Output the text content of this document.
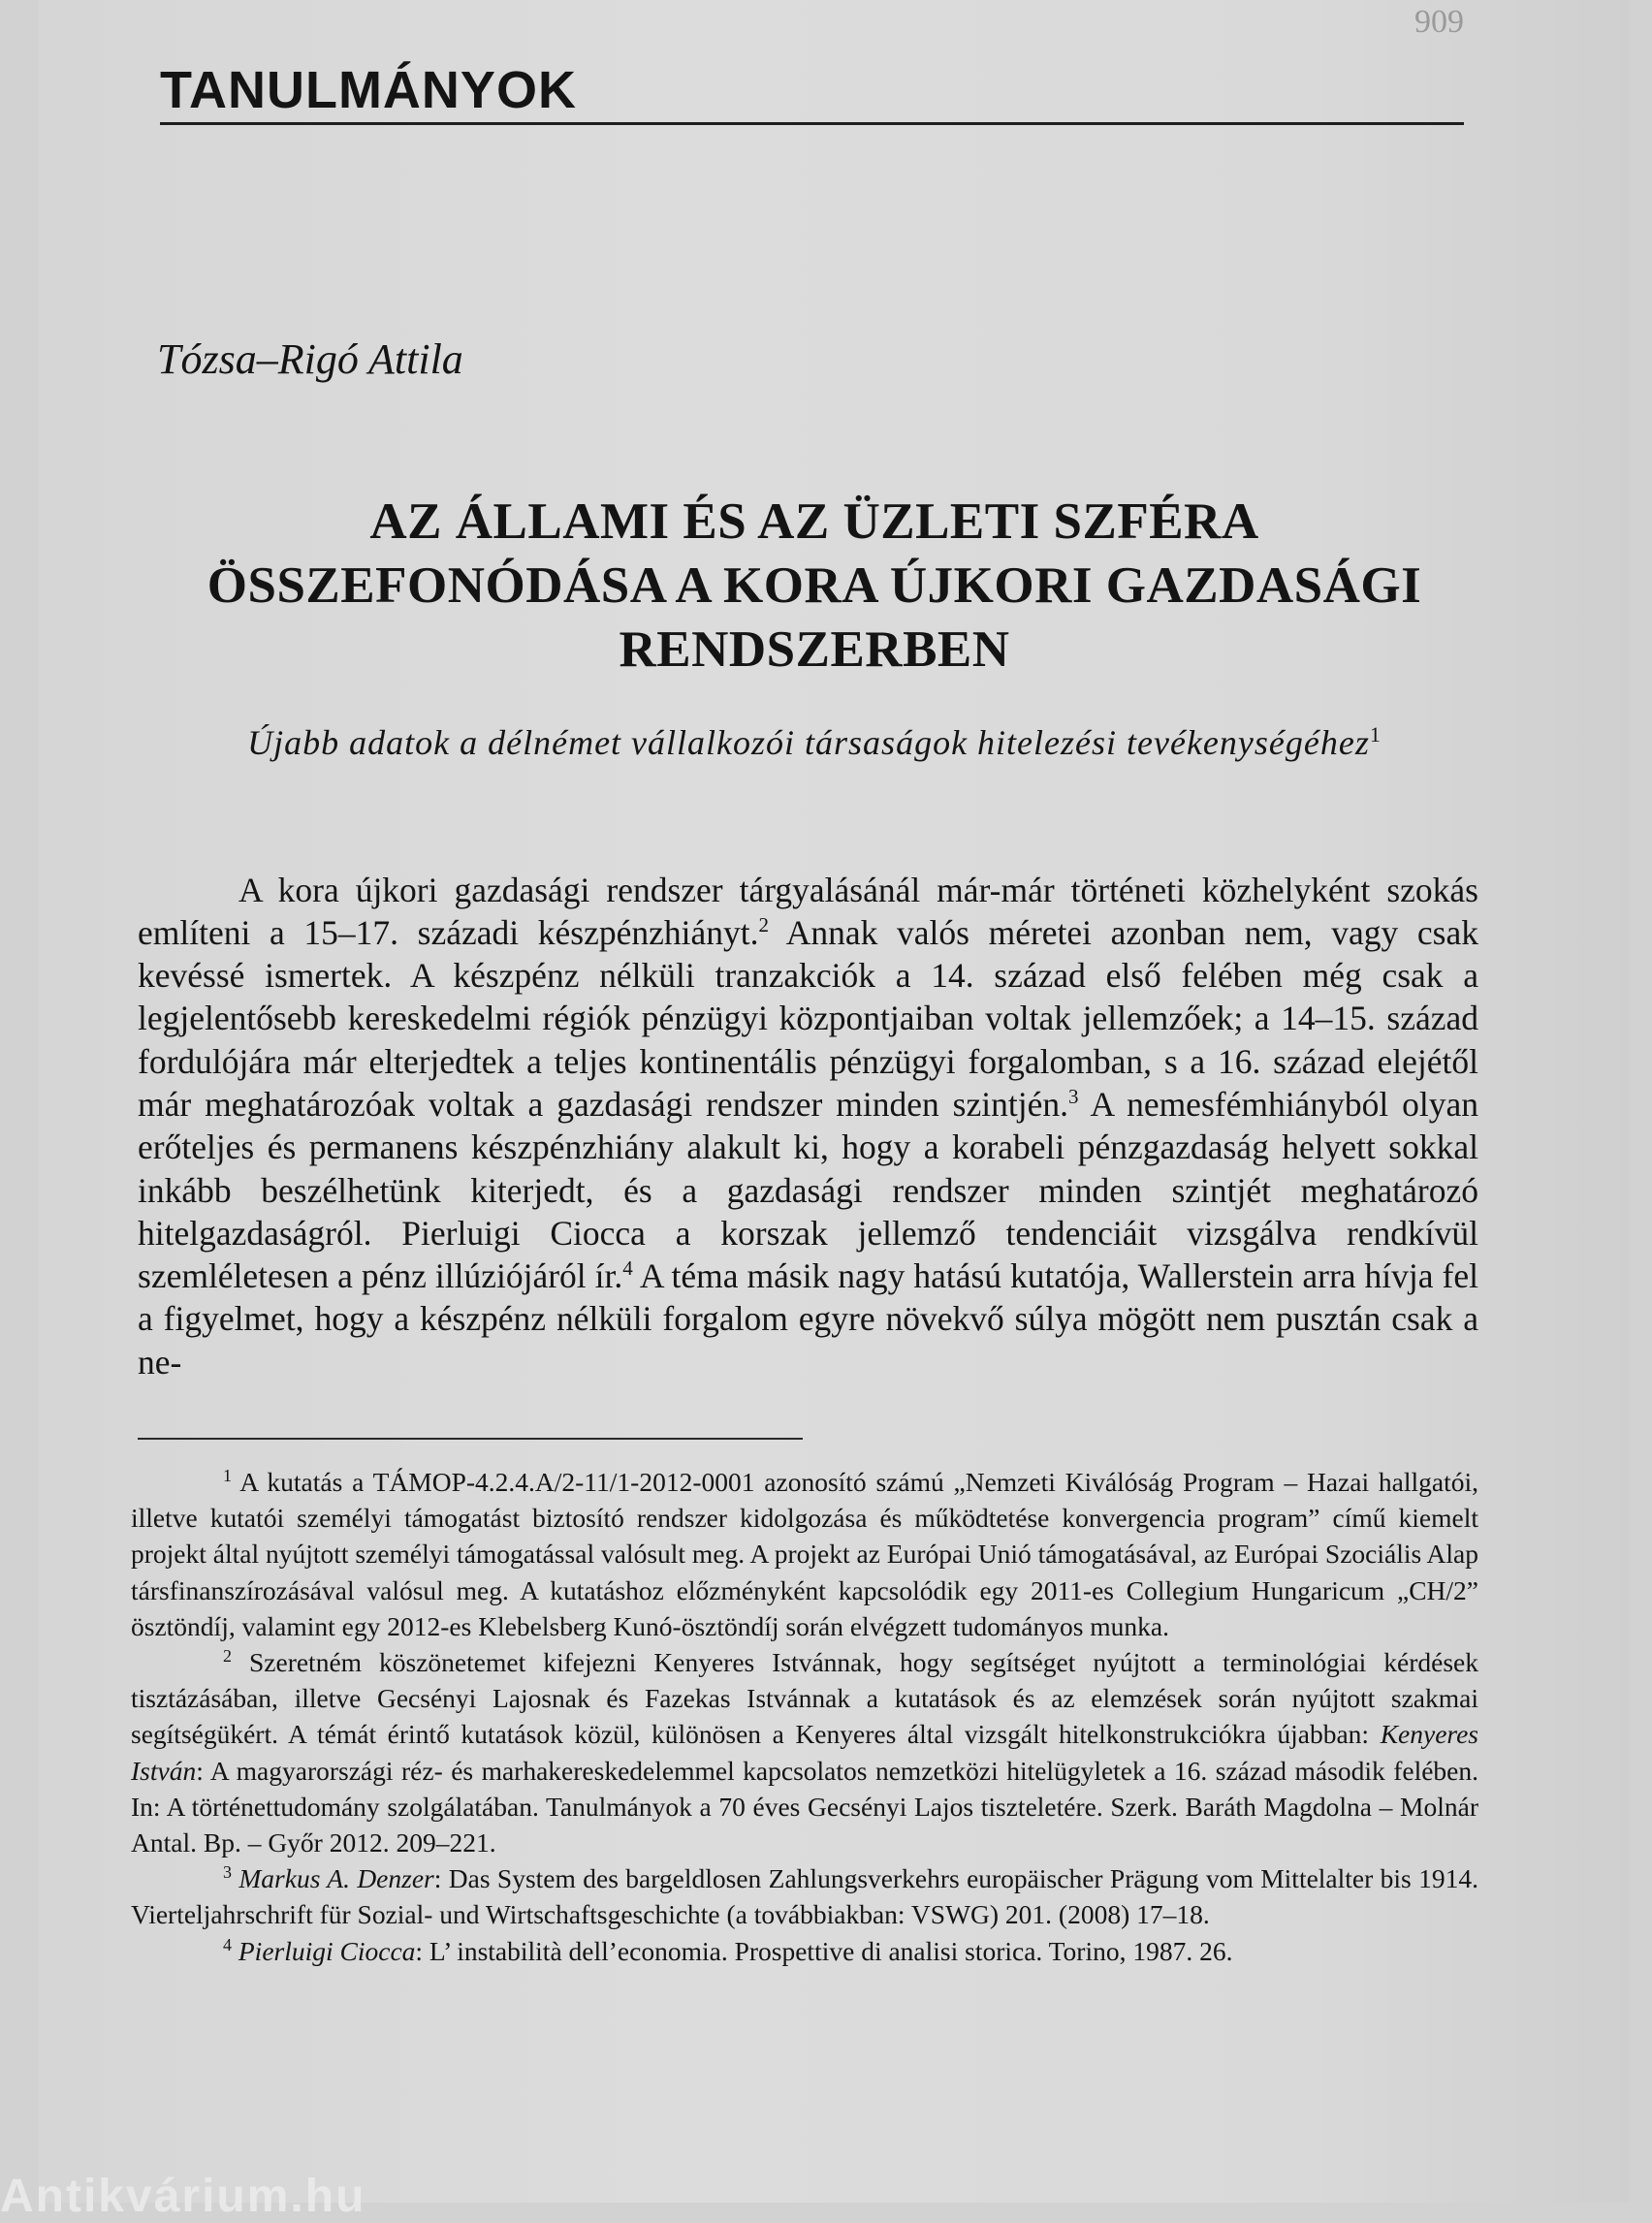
909
TANULMÁNYOK
Tózsa–Rigó Attila
AZ ÁLLAMI ÉS AZ ÜZLETI SZFÉRA
ÖSSZEFONÓDÁSA A KORA ÚJKORI GAZDASÁGI
RENDSZERBEN
Újabb adatok a délnémet vállalkozói társaságok hitelezési tevékenységéhez$^1$

A kora újkori gazdasági rendszer tárgyalásánál már-már történeti közhelyként szokás említeni a 15–17. századi készpénzhiányt.$^2$ Annak valós méretei azonban nem, vagy csak kevéssé ismertek. A készpénz nélküli tranzakciók a 14. század első felében még csak a legjelentősebb kereskedelmi régiók pénzügyi központjaiban voltak jellemzőek; a 14–15. század fordulójára már elterjedtek a teljes kontinentális pénzügyi forgalomban, s a 16. század elejétől már meghatározóak voltak a gazdasági rendszer minden szintjén.$^3$ A nemesfémhiányból olyan erőteljes és permanens készpénzhiány alakult ki, hogy a korabeli pénzgazdaság helyett sokkal inkább beszélhetünk kiterjedt, és a gazdasági rendszer minden szintjét meghatározó hitelgazdaságról. Pierluigi Ciocca a korszak jellemző tendenciáit vizsgálva rendkívül szemléletesen a pénz illúziójáról ír.$^4$ A téma másik nagy hatású kutatója, Wallerstein arra hívja fel a figyelmet, hogy a készpénz nélküli forgalom egyre növekvő súlya mögött nem pusztán csak a ne-

$^1$ A kutatás a TÁMOP-4.2.4.A/2-11/1-2012-0001 azonosító számú „Nemzeti Kiválóság Program – Hazai hallgatói, illetve kutatói személyi támogatást biztosító rendszer kidolgozása és működtetése konvergencia program” című kiemelt projekt által nyújtott személyi támogatással valósult meg. A projekt az Európai Unió támogatásával, az Európai Szociális Alap társfinanszírozásával valósul meg. A kutatáshoz előzményként kapcsolódik egy 2011-es Collegium Hungaricum „CH/2” ösztöndíj, valamint egy 2012-es Klebelsberg Kunó-ösztöndíj során elvégzett tudományos munka.

$^2$ Szeretném köszönetemet kifejezni Kenyeres Istvánnak, hogy segítséget nyújtott a terminológiai kérdések tisztázásában, illetve Gecsényi Lajosnak és Fazekas Istvánnak a kutatások és az elemzések során nyújtott szakmai segítségükért. A témát érintő kutatások közül, különösen a Kenyeres által vizsgált hitelkonstrukciókra újabban: Kenyeres István: A magyarországi réz- és marhakereskedelemmel kapcsolatos nemzetközi hitelügyletek a 16. század második felében. In: A történettudomány szolgálatában. Tanulmányok a 70 éves Gecsényi Lajos tiszteletére. Szerk. Baráth Magdolna – Molnár Antal. Bp. – Győr 2012. 209–221.

$^3$ Markus A. Denzer: Das System des bargeldlosen Zahlungsverkehrs europäischer Prägung vom Mittelalter bis 1914. Vierteljahrschrift für Sozial- und Wirtschaftsgeschichte (a továbbiakban: VSWG) 201. (2008) 17–18.

$^4$ Pierluigi Ciocca: L’ instabilità dell’economia. Prospettive di analisi storica. Torino, 1987. 26.

Antikvárium.hu
